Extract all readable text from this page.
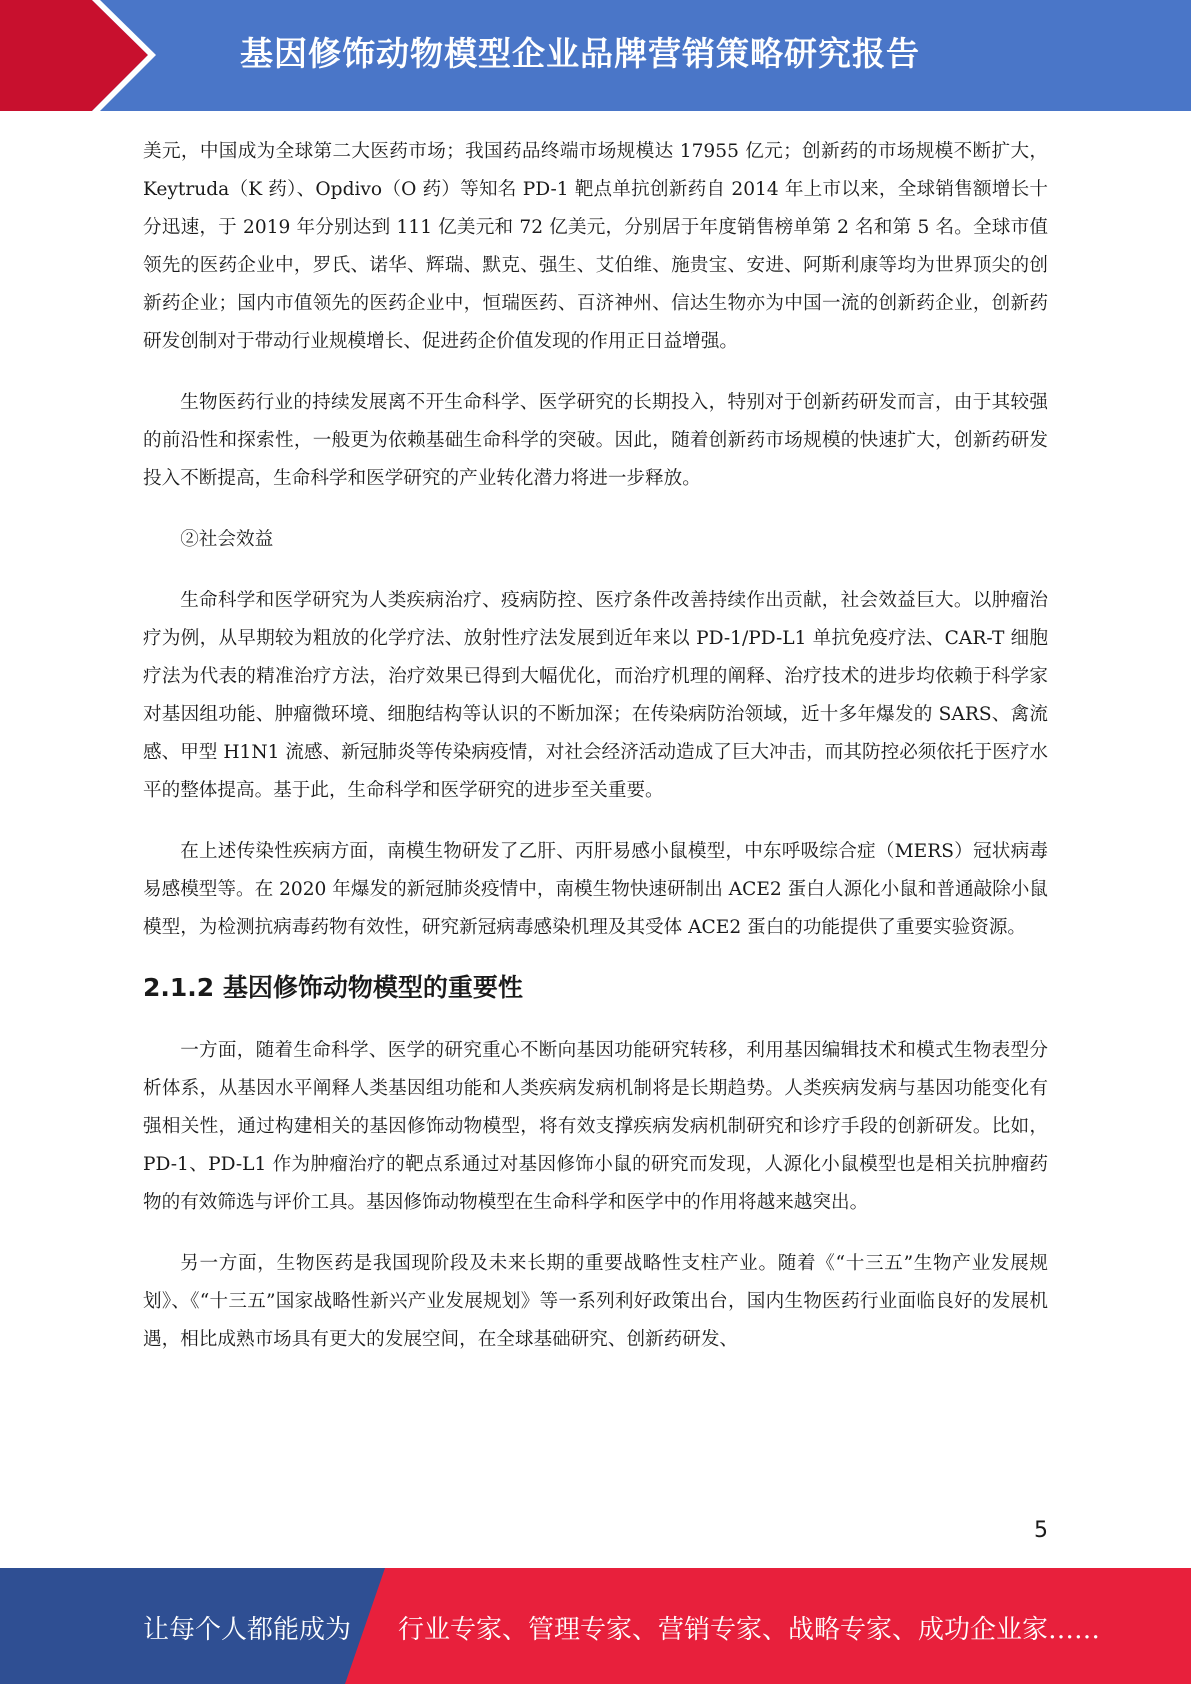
基因修饰动物模型企业品牌营销策略研究报告

美元，中国成为全球第二大医药市场；我国药品终端市场规模达 17955 亿元；创新药的市场规模不断扩大，Keytruda（K 药）、Opdivo（O 药）等知名 PD-1 靶点单抗创新药自 2014 年上市以来，全球销售额增长十分迅速，于 2019 年分别达到 111 亿美元和 72 亿美元，分别居于年度销售榜单第 2 名和第 5 名。全球市值领先的医药企业中，罗氏、诺华、辉瑞、默克、强生、艾伯维、施贵宝、安进、阿斯利康等均为世界顶尖的创新药企业；国内市值领先的医药企业中，恒瑞医药、百济神州、信达生物亦为中国一流的创新药企业，创新药研发创制对于带动行业规模增长、促进药企价值发现的作用正日益增强。

生物医药行业的持续发展离不开生命科学、医学研究的长期投入，特别对于创新药研发而言，由于其较强的前沿性和探索性，一般更为依赖基础生命科学的突破。因此，随着创新药市场规模的快速扩大，创新药研发投入不断提高，生命科学和医学研究的产业转化潜力将进一步释放。

②社会效益

生命科学和医学研究为人类疾病治疗、疫病防控、医疗条件改善持续作出贡献，社会效益巨大。以肿瘤治疗为例，从早期较为粗放的化学疗法、放射性疗法发展到近年来以 PD-1/PD-L1 单抗免疫疗法、CAR-T 细胞疗法为代表的精准治疗方法，治疗效果已得到大幅优化，而治疗机理的阐释、治疗技术的进步均依赖于科学家对基因组功能、肿瘤微环境、细胞结构等认识的不断加深；在传染病防治领域，近十多年爆发的 SARS、禽流感、甲型 H1N1 流感、新冠肺炎等传染病疫情，对社会经济活动造成了巨大冲击，而其防控必须依托于医疗水平的整体提高。基于此，生命科学和医学研究的进步至关重要。

在上述传染性疾病方面，南模生物研发了乙肝、丙肝易感小鼠模型，中东呼吸综合症（MERS）冠状病毒易感模型等。在 2020 年爆发的新冠肺炎疫情中，南模生物快速研制出 ACE2 蛋白人源化小鼠和普通敲除小鼠模型，为检测抗病毒药物有效性，研究新冠病毒感染机理及其受体 ACE2 蛋白的功能提供了重要实验资源。

2.1.2 基因修饰动物模型的重要性

一方面，随着生命科学、医学的研究重心不断向基因功能研究转移，利用基因编辑技术和模式生物表型分析体系，从基因水平阐释人类基因组功能和人类疾病发病机制将是长期趋势。人类疾病发病与基因功能变化有强相关性，通过构建相关的基因修饰动物模型，将有效支撑疾病发病机制研究和诊疗手段的创新研发。比如，PD-1、PD-L1 作为肿瘤治疗的靶点系通过对基因修饰小鼠的研究而发现，人源化小鼠模型也是相关抗肿瘤药物的有效筛选与评价工具。基因修饰动物模型在生命科学和医学中的作用将越来越突出。

另一方面，生物医药是我国现阶段及未来长期的重要战略性支柱产业。随着《“十三五”生物产业发展规划》、《“十三五”国家战略性新兴产业发展规划》等一系列利好政策出台，国内生物医药行业面临良好的发展机遇，相比成熟市场具有更大的发展空间，在全球基础研究、创新药研发、

5
让每个人都能成为 行业专家、管理专家、营销专家、战略专家、成功企业家……
